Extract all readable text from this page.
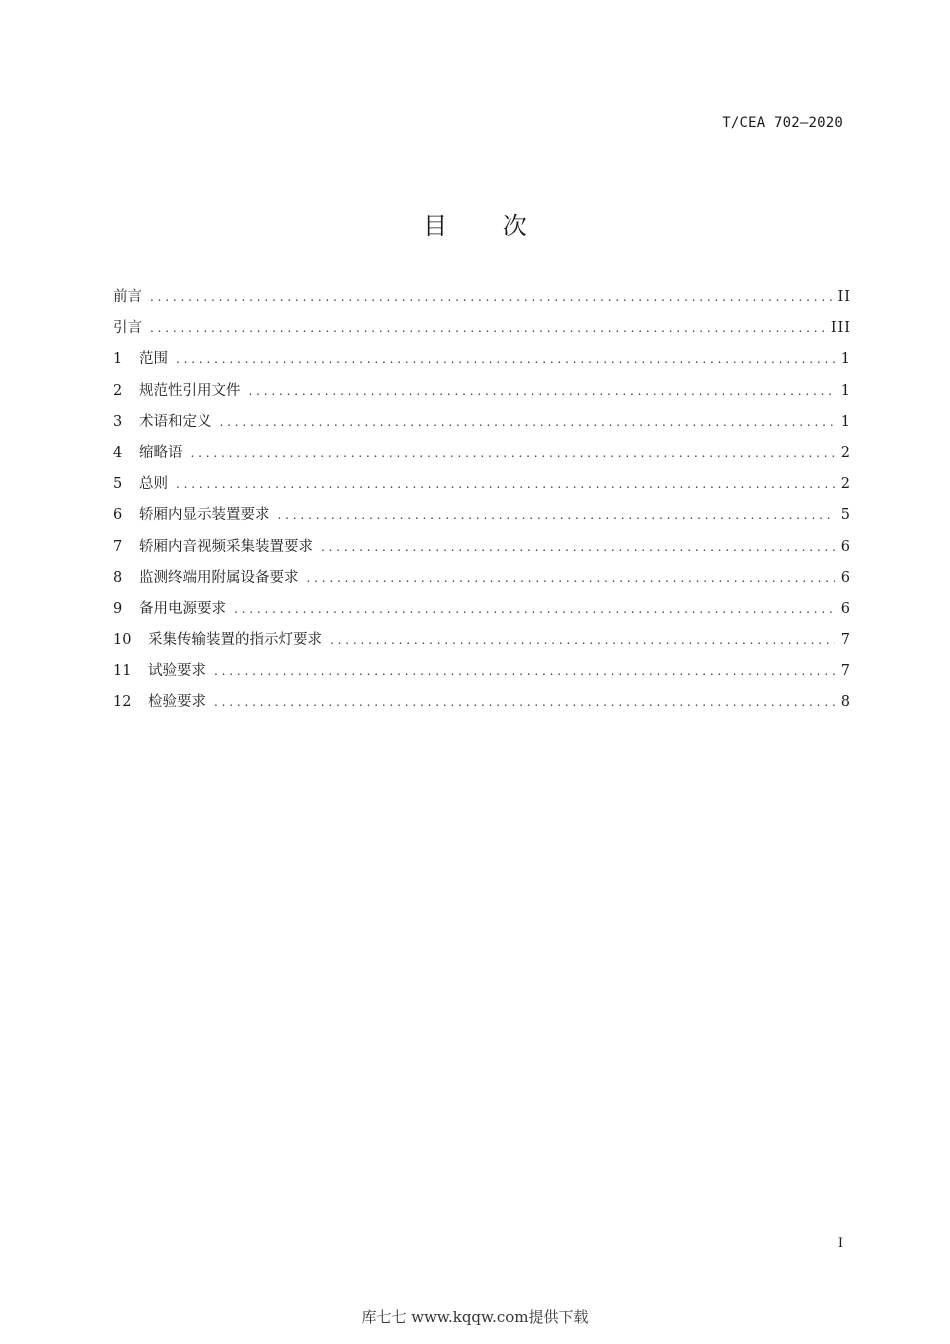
T/CEA 702—2020
目 次
前言 . . .	II
引言 . . .	III
1	范围 . . .	1
2	规范性引用文件 . . .	1
3	术语和定义 . . .	1
4	缩略语 . . .	2
5	总则 . . .	2
6	轿厢内显示装置要求 . . .	5
7	轿厢内音视频采集装置要求 . . .	6
8	监测终端用附属设备要求 . . .	6
9	备用电源要求 . . .	6
10	采集传输装置的指示灯要求 . . .	7
11	试验要求 . . .	7
12	检验要求 . . .	8
I
库七七 www.kqqw.com提供下载
